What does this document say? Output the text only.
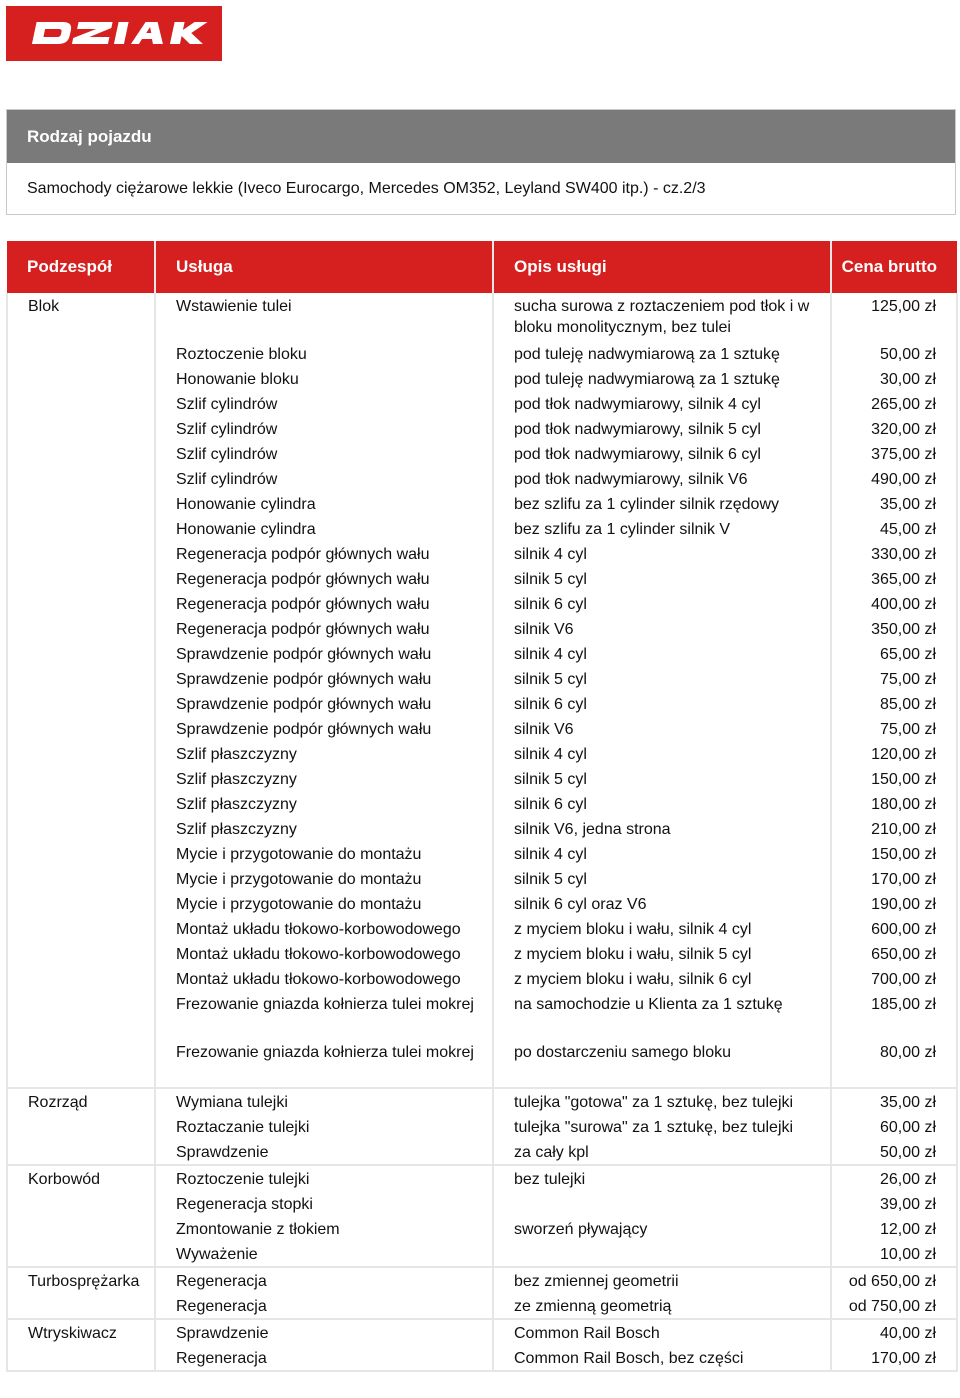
Rodzaj pojazdu
Samochody ciężarowe lekkie (Iveco Eurocargo, Mercedes OM352, Leyland SW400 itp.) - cz.2/3
Podzespół	Usługa	Opis usługi	Cena brutto
Blok	Wstawienie tulei	sucha surowa z roztaczeniem pod tłok i w bloku monolitycznym, bez tulei	125,00 zł
	Roztoczenie bloku	pod tuleję nadwymiarową za 1 sztukę	50,00 zł
	Honowanie bloku	pod tuleję nadwymiarową za 1 sztukę	30,00 zł
	Szlif cylindrów	pod tłok nadwymiarowy, silnik 4 cyl	265,00 zł
	Szlif cylindrów	pod tłok nadwymiarowy, silnik 5 cyl	320,00 zł
	Szlif cylindrów	pod tłok nadwymiarowy, silnik 6 cyl	375,00 zł
	Szlif cylindrów	pod tłok nadwymiarowy, silnik V6	490,00 zł
	Honowanie cylindra	bez szlifu za 1 cylinder silnik rzędowy	35,00 zł
	Honowanie cylindra	bez szlifu za 1 cylinder silnik V	45,00 zł
	Regeneracja podpór głównych wału	silnik 4 cyl	330,00 zł
	Regeneracja podpór głównych wału	silnik 5 cyl	365,00 zł
	Regeneracja podpór głównych wału	silnik 6 cyl	400,00 zł
	Regeneracja podpór głównych wału	silnik V6	350,00 zł
	Sprawdzenie podpór głównych wału	silnik 4 cyl	65,00 zł
	Sprawdzenie podpór głównych wału	silnik 5 cyl	75,00 zł
	Sprawdzenie podpór głównych wału	silnik 6 cyl	85,00 zł
	Sprawdzenie podpór głównych wału	silnik V6	75,00 zł
	Szlif płaszczyzny	silnik 4 cyl	120,00 zł
	Szlif płaszczyzny	silnik 5 cyl	150,00 zł
	Szlif płaszczyzny	silnik 6 cyl	180,00 zł
	Szlif płaszczyzny	silnik V6, jedna strona	210,00 zł
	Mycie i przygotowanie do montażu	silnik 4 cyl	150,00 zł
	Mycie i przygotowanie do montażu	silnik 5 cyl	170,00 zł
	Mycie i przygotowanie do montażu	silnik 6 cyl oraz V6	190,00 zł
	Montaż układu tłokowo-korbowodowego	z myciem bloku i wału, silnik 4 cyl	600,00 zł
	Montaż układu tłokowo-korbowodowego	z myciem bloku i wału, silnik 5 cyl	650,00 zł
	Montaż układu tłokowo-korbowodowego	z myciem bloku i wału, silnik 6 cyl	700,00 zł
	Frezowanie gniazda kołnierza tulei mokrej	na samochodzie u Klienta za 1 sztukę	185,00 zł
	Frezowanie gniazda kołnierza tulei mokrej	po dostarczeniu samego bloku	80,00 zł
Rozrząd	Wymiana tulejki	tulejka "gotowa" za 1 sztukę, bez tulejki	35,00 zł
	Roztaczanie tulejki	tulejka "surowa" za 1 sztukę, bez tulejki	60,00 zł
	Sprawdzenie	za cały kpl	50,00 zł
Korbowód	Roztoczenie tulejki	bez tulejki	26,00 zł
	Regeneracja stopki		39,00 zł
	Zmontowanie z tłokiem	sworzeń pływający	12,00 zł
	Wyważenie		10,00 zł
Turbosprężarka	Regeneracja	bez zmiennej geometrii	od 650,00 zł
	Regeneracja	ze zmienną geometrią	od 750,00 zł
Wtryskiwacz	Sprawdzenie	Common Rail Bosch	40,00 zł
	Regeneracja	Common Rail Bosch, bez części	170,00 zł
